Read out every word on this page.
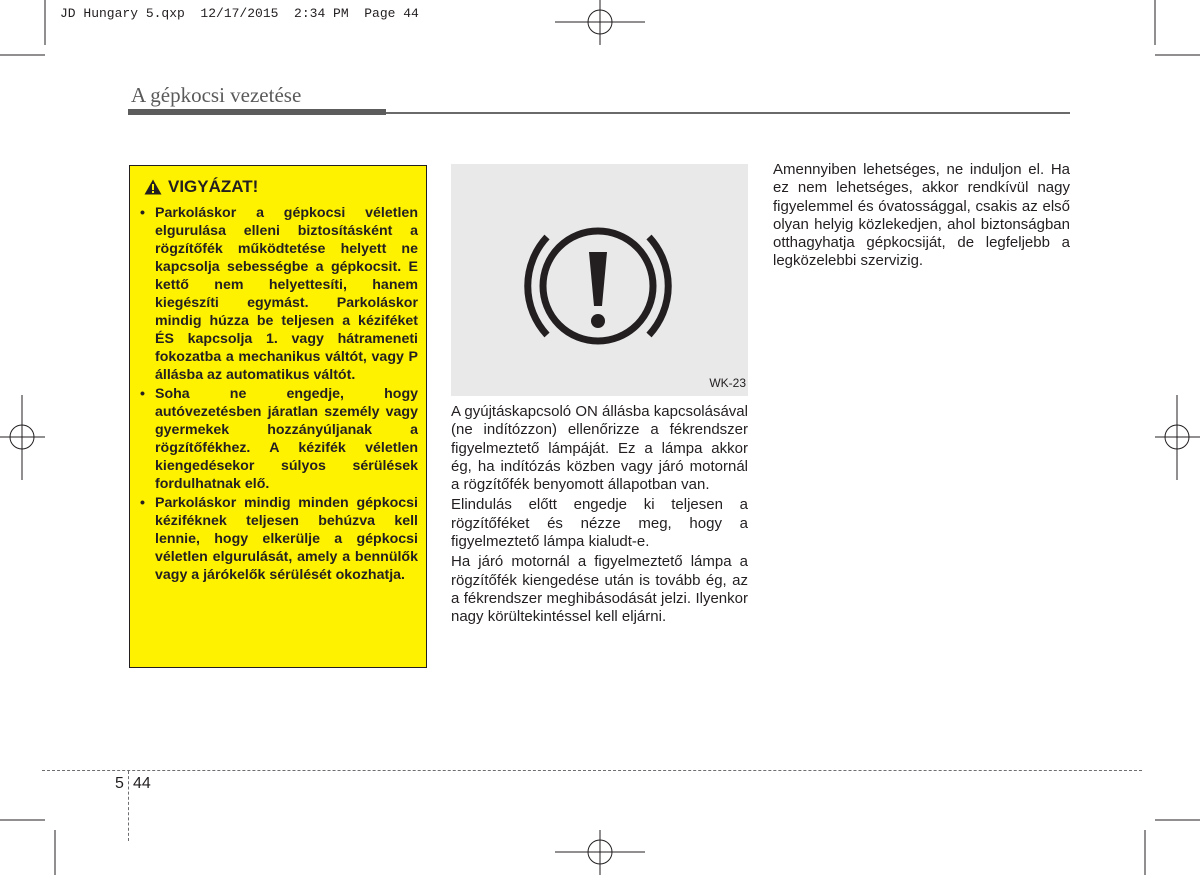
JD Hungary 5.qxp  12/17/2015  2:34 PM  Page 44
A gépkocsi vezetése
VIGYÁZAT!
• Parkoláskor a gépkocsi véletlen elgurulása elleni biztosításként a rögzítőfék működtetése helyett ne kapcsolja sebességbe a gépkocsit. E kettő nem helyettesíti, hanem kiegészíti egymást. Parkoláskor mindig húzza be teljesen a kéziféket ÉS kapcsolja 1. vagy hátrameneti fokozatba a mechanikus váltót, vagy P állásba az automatikus váltót.
• Soha ne engedje, hogy autóvezetésben járatlan személy vagy gyermekek hozzányúljanak a rögzítőfékhez. A kézifék véletlen kiengedésekor súlyos sérülések fordulhatnak elő.
• Parkoláskor mindig minden gépkocsi kéziféknek teljesen behúzva kell lennie, hogy elkerülje a gépkocsi véletlen elgurulását, amely a bennülők vagy a járókelők sérülését okozhatja.
WK-23

A gyújtáskapcsoló ON állásba kapcsolásával (ne indítózzon) ellenőrizze a fékrendszer figyelmeztető lámpáját. Ez a lámpa akkor ég, ha indítózás közben vagy járó motornál a rögzítőfék benyomott állapotban van.

Elindulás előtt engedje ki teljesen a rögzítőféket és nézze meg, hogy a figyelmeztető lámpa kialudt-e.

Ha járó motornál a figyelmeztető lámpa a rögzítőfék kiengedése után is tovább ég, az a fékrendszer meghibásodását jelzi. Ilyenkor nagy körültekintéssel kell eljárni.

Amennyiben lehetséges, ne induljon el. Ha ez nem lehetséges, akkor rendkívül nagy figyelemmel és óvatossággal, csakis az első olyan helyig közlekedjen, ahol biztonságban otthagyhatja gépkocsiját, de legfeljebb a legközelebbi szervizig.

5 44
